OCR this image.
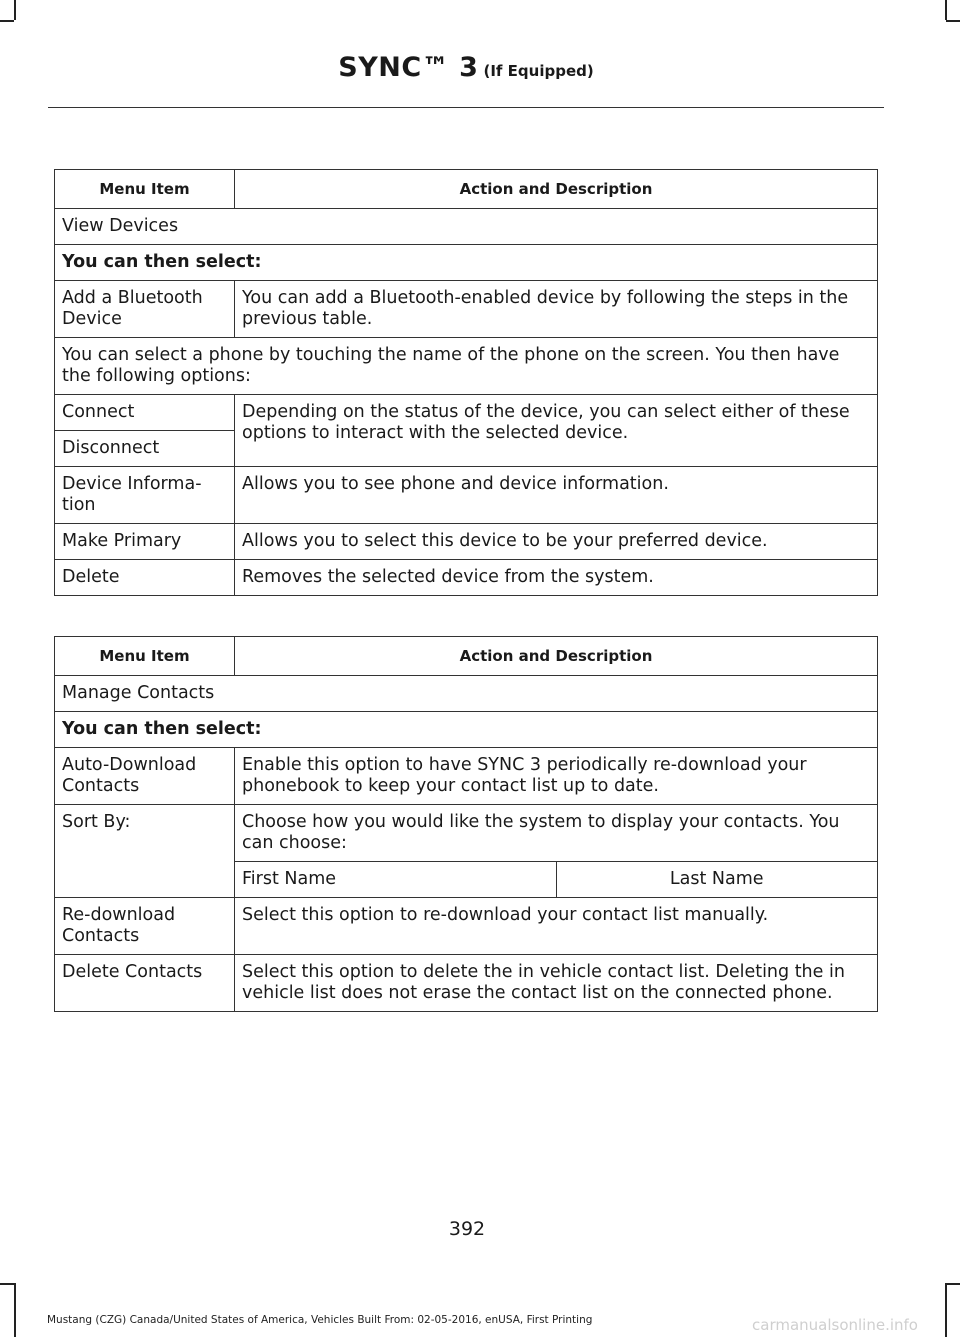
SYNC™ 3 (If Equipped)
Menu Item	Action and Description
View Devices	
You can then select:	
Add a Bluetooth Device	You can add a Bluetooth-enabled device by following the steps in the previous table.
You can select a phone by touching the name of the phone on the screen. You then have the following options:	
Connect	Depending on the status of the device, you can select either of these options to interact with the selected device.
Disconnect	
Device Informa-tion	Allows you to see phone and device information.
Make Primary	Allows you to select this device to be your preferred device.
Delete	Removes the selected device from the system.
Menu Item	Action and Description	
Manage Contacts		
You can then select:		
Auto-Download Contacts	Enable this option to have SYNC 3 periodically re-download your phonebook to keep your contact list up to date.	
Sort By:	Choose how you would like the system to display your contacts. You can choose:	
	First Name	Last Name
Re-download Contacts	Select this option to re-download your contact list manually.	
Delete Contacts	Select this option to delete the in vehicle contact list. Deleting the in vehicle list does not erase the contact list on the connected phone.	
392
Mustang (CZG) Canada/United States of America, Vehicles Built From: 02-05-2016, enUSA, First Printing	carmanualsonline.info
